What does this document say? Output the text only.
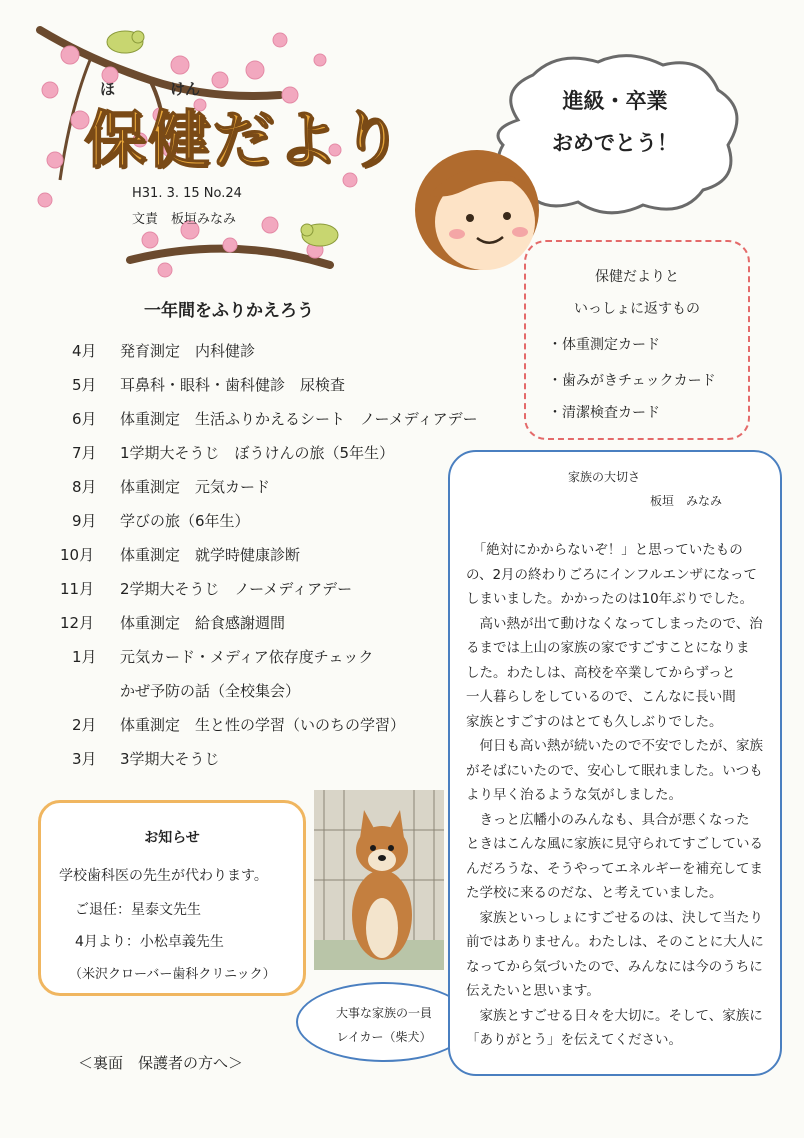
ほ	けん
保健だより
H31. 3. 15 No.24
文責　板垣みなみ
進級・卒業
おめでとう！
保健だよりと
いっしょに返すもの
・体重測定カード
・歯みがきチェックカード
・清潔検査カード
一年間をふりかえろう
4月 発育測定　内科健診
5月 耳鼻科・眼科・歯科健診　尿検査
6月 体重測定　生活ふりかえるシート　ノーメディアデー
7月 1学期大そうじ　ぼうけんの旅（5年生）
8月 体重測定　元気カード
9月 学びの旅（6年生）
10月 体重測定　就学時健康診断
11月 2学期大そうじ　ノーメディアデー
12月 体重測定　給食感謝週間
1月 元気カード・メディア依存度チェック
かぜ予防の話（全校集会）
2月 体重測定　生と性の学習（いのちの学習）
3月 3学期大そうじ
お知らせ
学校歯科医の先生が代わります。
ご退任：星泰文先生
4月より：小松卓義先生
（米沢クローバー歯科クリニック）
大事な家族の一員
レイカー（柴犬）
家族の大切さ
板垣　みなみ

　「絶対にかからないぞ！」と思っていたもの

の、2月の終わりごろにインフルエンザになって

しまいました。かかったのは10年ぶりでした。

　高い熱が出て動けなくなってしまったので、治

るまでは上山の家族の家ですごすことになりま

した。わたしは、高校を卒業してからずっと

一人暮らしをしているので、こんなに長い間

家族とすごすのはとても久しぶりでした。

　何日も高い熱が続いたので不安でしたが、家族

がそばにいたので、安心して眠れました。いつも

より早く治るような気がしました。

　きっと広幡小のみんなも、具合が悪くなった

ときはこんな風に家族に見守られてすごしている

んだろうな、そうやってエネルギーを補充してま

た学校に来るのだな、と考えていました。

　家族といっしょにすごせるのは、決して当たり

前ではありません。わたしは、そのことに大人に

なってから気づいたので、みんなには今のうちに

伝えたいと思います。

　家族とすごせる日々を大切に。そして、家族に

「ありがとう」を伝えてください。

＜裏面　保護者の方へ＞
